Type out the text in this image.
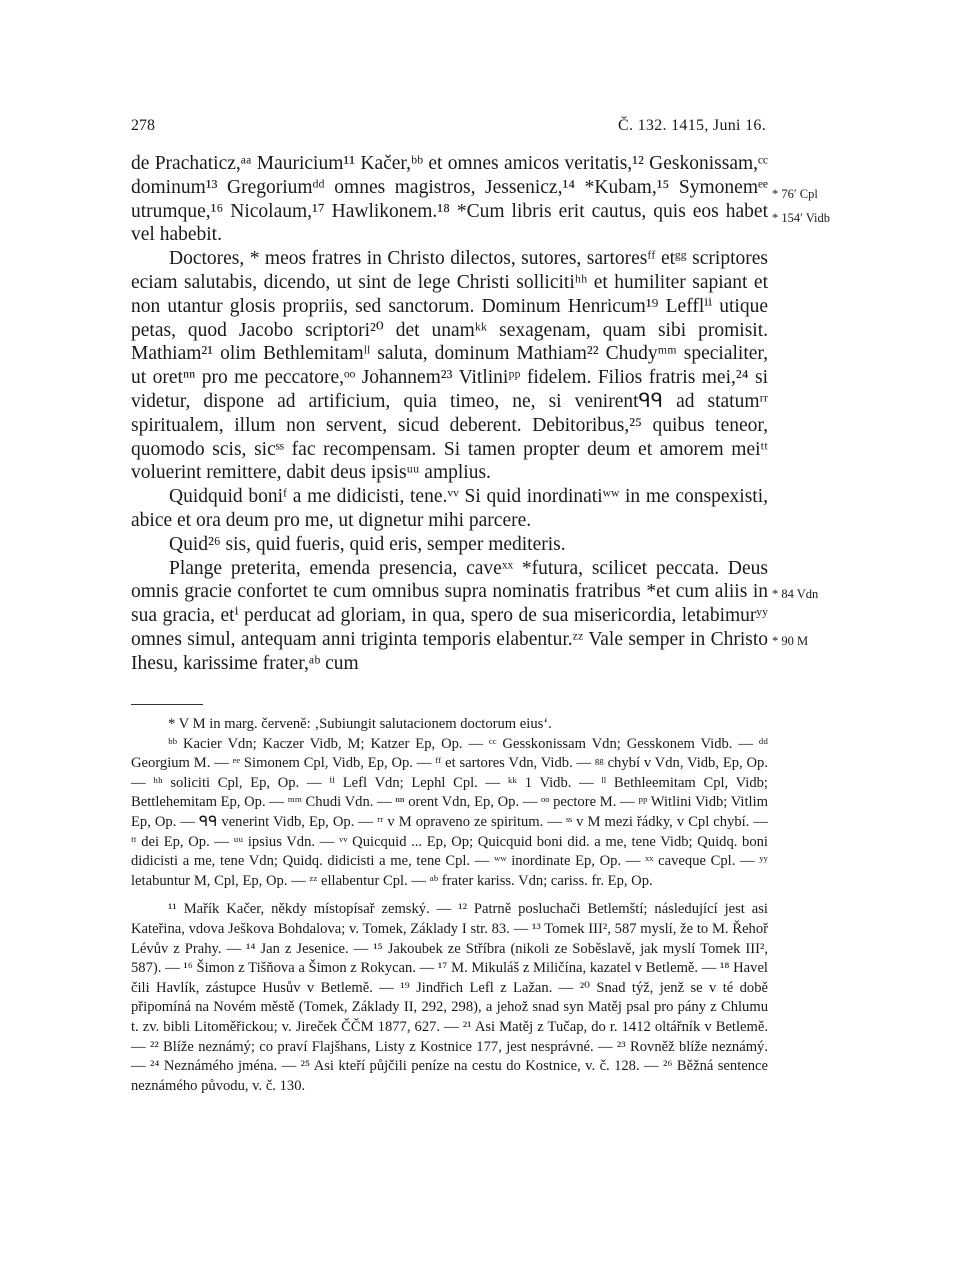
278	Č. 132. 1415, Juni 16.

de Prachaticz,ᵃᵃ Mauricium¹¹ Kačer,ᵇᵇ et omnes amicos veritatis,¹² Geskonissam,ᶜᶜ dominum¹³ Gregoriumᵈᵈ omnes magistros, Jessenicz,¹⁴ *Kubam,¹⁵ Symonemᵉᵉ utrumque,¹⁶ Nicolaum,¹⁷ Hawlikonem.¹⁸ *Cum libris erit cautus, quis eos habet vel habebit.

Doctores, * meos fratres in Christo dilectos, sutores, sartoresᶠᶠ etᵍᵍ scriptores eciam salutabis, dicendo, ut sint de lege Christi sollicitiʰʰ et humiliter sapiant et non utantur glosis propriis, sed sanctorum. Dominum Henricum¹⁹ Lefflⁱⁱ utique petas, quod Jacobo scriptori²⁰ det unamᵏᵏ sexagenam, quam sibi promisit. Mathiam²¹ olim Bethlemitamˡˡ saluta, dominum Mathiam²² Chudyᵐᵐ specialiter, ut oretⁿⁿ pro me peccatore,ᵒᵒ Johannem²³ Vitliniᵖᵖ fidelem. Filios fratris mei,²⁴ si videtur, dispone ad artificium, quia timeo, ne, si venirentᑫᑫ ad statumʳʳ spiritualem, illum non servent, sicud deberent. Debitoribus,²⁵ quibus teneor, quomodo scis, sicˢˢ fac recompensam. Si tamen propter deum et amorem meiᵗᵗ voluerint remittere, dabit deus ipsisᵘᵘ amplius.

Quidquid boniᶠ a me didicisti, tene.ᵛᵛ Si quid inordinatiʷʷ in me conspexisti, abice et ora deum pro me, ut dignetur mihi parcere.

Quid²⁶ sis, quid fueris, quid eris, semper mediteris.

Plange preterita, emenda presencia, caveˣˣ *futura, scilicet peccata. Deus omnis gracie confortet te cum omnibus supra nominatis fratribus *et cum aliis in sua gracia, etⁱ perducat ad gloriam, in qua, spero de sua misericordia, letabimurʸʸ omnes simul, antequam anni triginta temporis elabentur.ᶻᶻ Vale semper in Christo Ihesu, karissime frater,ᵃᵇ cum

* 76′ Cpl
* 154′ Vidb
* 84 Vdn
* 90 M

* V M in marg. červeně: ‚Subiungit salutacionem doctorum eius‘.

ᵇᵇ Kacier Vdn; Kaczer Vidb, M; Katzer Ep, Op. — ᶜᶜ Gesskonissam Vdn; Gesskonem Vidb. — ᵈᵈ Georgium M. — ᵉᵉ Simonem Cpl, Vidb, Ep, Op. — ᶠᶠ et sartores Vdn, Vidb. — ᵍᵍ chybí v Vdn, Vidb, Ep, Op. — ʰʰ soliciti Cpl, Ep, Op. — ⁱⁱ Lefl Vdn; Lephl Cpl. — ᵏᵏ 1 Vidb. — ˡˡ Bethleemitam Cpl, Vidb; Bettlehemitam Ep, Op. — ᵐᵐ Chudi Vdn. — ⁿⁿ orent Vdn, Ep, Op. — ᵒᵒ pectore M. — ᵖᵖ Witlini Vidb; Vitlim Ep, Op. — ᑫᑫ venerint Vidb, Ep, Op. — ʳʳ v M opraveno ze spiritum. — ˢˢ v M mezi řádky, v Cpl chybí. — ᵗᵗ dei Ep, Op. — ᵘᵘ ipsius Vdn. — ᵛᵛ Quicquid ... Ep, Op; Quicquid boni did. a me, tene Vidb; Quidq. boni didicisti a me, tene Vdn; Quidq. didicisti a me, tene Cpl. — ʷʷ inordinate Ep, Op. — ˣˣ caveque Cpl. — ʸʸ letabuntur M, Cpl, Ep, Op. — ᶻᶻ ellabentur Cpl. — ᵃᵇ frater kariss. Vdn; cariss. fr. Ep, Op.

¹¹ Mařík Kačer, někdy místopísař zemský. — ¹² Patrně posluchači Betlemští; následující jest asi Kateřina, vdova Ješkova Bohdalova; v. Tomek, Základy I str. 83. — ¹³ Tomek III², 587 myslí, že to M. Řehoř Lévův z Prahy. — ¹⁴ Jan z Jesenice. — ¹⁵ Jakoubek ze Stříbra (nikoli ze Soběslavě, jak myslí Tomek III², 587). — ¹⁶ Šimon z Tišňova a Šimon z Rokycan. — ¹⁷ M. Mikuláš z Miličína, kazatel v Betlemě. — ¹⁸ Havel čili Havlík, zástupce Husův v Betlemě. — ¹⁹ Jindřich Lefl z Lažan. — ²⁰ Snad týž, jenž se v té době připomíná na Novém městě (Tomek, Základy II, 292, 298), a jehož snad syn Matěj psal pro pány z Chlumu t. zv. bibli Litoměřickou; v. Jireček ČČM 1877, 627. — ²¹ Asi Matěj z Tučap, do r. 1412 oltářník v Betlemě. — ²² Blíže neznámý; co praví Flajšhans, Listy z Kostnice 177, jest nesprávné. — ²³ Rovněž blíže neznámý. — ²⁴ Neznámého jména. — ²⁵ Asi kteří půjčili peníze na cestu do Kostnice, v. č. 128. — ²⁶ Běžná sentence neznámého původu, v. č. 130.
